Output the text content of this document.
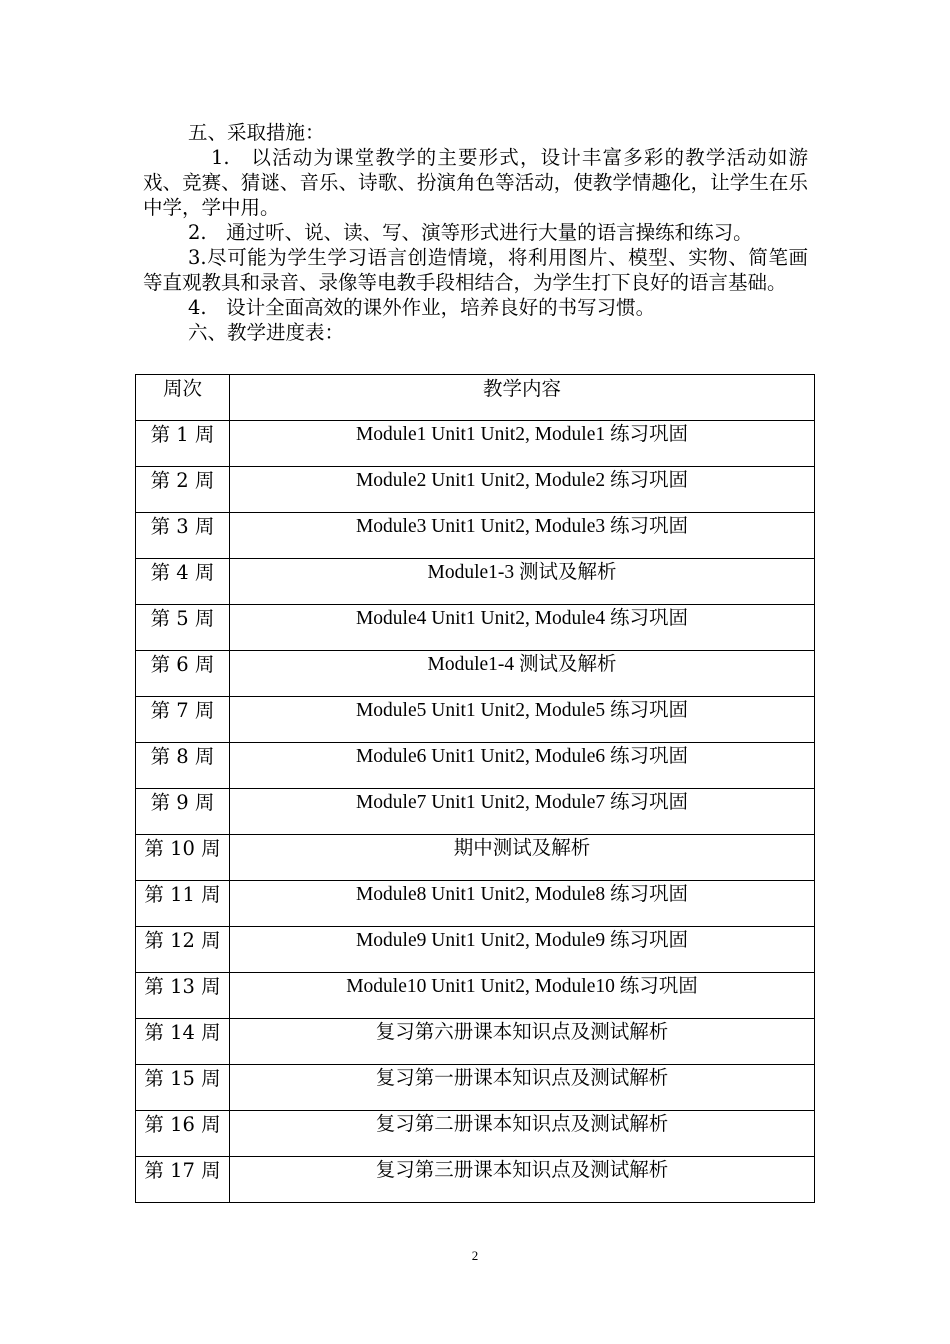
五、采取措施：

1.　以活动为课堂教学的主要形式，设计丰富多彩的教学活动如游戏、竞赛、猜谜、音乐、诗歌、扮演角色等活动，使教学情趣化，让学生在乐中学，学中用。

2.　通过听、说、读、写、演等形式进行大量的语言操练和练习。

3.尽可能为学生学习语言创造情境，将利用图片、模型、实物、简笔画等直观教具和录音、录像等电教手段相结合，为学生打下良好的语言基础。

4.　设计全面高效的课外作业，培养良好的书写习惯。

六、教学进度表：

周次	教学内容

第 1 周	Module1 Unit1 Unit2, Module1 练习巩固

第 2 周	Module2 Unit1 Unit2, Module2 练习巩固

第 3 周	Module3 Unit1 Unit2, Module3 练习巩固

第 4 周	Module1-3 测试及解析

第 5 周	Module4 Unit1 Unit2, Module4 练习巩固

第 6 周	Module1-4 测试及解析

第 7 周	Module5 Unit1 Unit2, Module5 练习巩固

第 8 周	Module6 Unit1 Unit2, Module6 练习巩固

第 9 周	Module7 Unit1 Unit2, Module7 练习巩固

第 10 周	期中测试及解析

第 11 周	Module8 Unit1 Unit2, Module8 练习巩固

第 12 周	Module9 Unit1 Unit2, Module9 练习巩固

第 13 周	Module10 Unit1 Unit2, Module10 练习巩固

第 14 周	复习第六册课本知识点及测试解析

第 15 周	复习第一册课本知识点及测试解析

第 16 周	复习第二册课本知识点及测试解析

第 17 周	复习第三册课本知识点及测试解析
2
